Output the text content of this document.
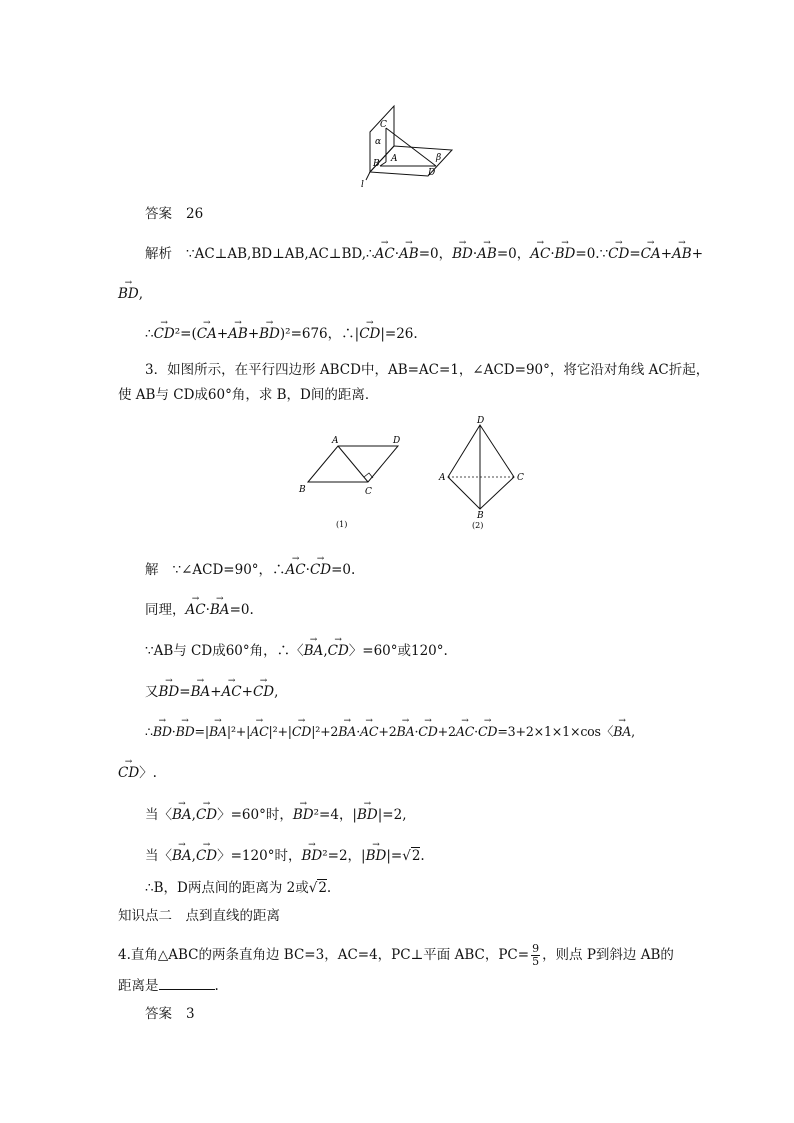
C
α
B A	β
D
l
答案 26
解析 ∵AC⊥AB,BD⊥AB,AC⊥BD,∴→ AC·→ AB=0，→ BD·→ AB=0，→ AC·→ BD=0.∵→ CD=→ CA+→ AB+
→ BD,
∴→ CD²=(→ CA+→ AB+→ BD)²=676，∴|→ CD|=26.
3．如图所示，在平行四边形 ABCD中，AB=AC=1，∠ACD=90°，将它沿对角线 AC折起，
使 AB与 CD成60°角，求 B，D间的距离．
A	D
B	C
(1)
D
A	C
B
(2)
解 ∵∠ACD=90°，∴→ AC·→ CD=0.
同理，→ AC·→ BA=0.
∵AB与 CD成60°角，∴〈→ BA,→ CD〉=60°或120°.
又→ BD=→ BA+→ AC+→ CD,
∴→ BD·→ BD=|→ BA|²+|→ AC|²+|→ CD|²+2→ BA·→ AC+2→ BA·→ CD+2→ AC·→ CD=3+2×1×1×cos〈→ BA,
→ CD〉.
当〈→ BA,→ CD〉=60°时，→ BD²=4，|→ BD|=2,
当〈→ BA,→ CD〉=120°时，→ BD²=2，|→ BD|=√2.
∴B，D两点间的距离为 2或√2.
知识点二　点到直线的距离
4.直角△ABC的两条直角边 BC=3，AC=4，PC⊥平面 ABC，$PC= \frac{9}{5}$ ，则点 P到斜边 AB的
距离是	.
答案 3
